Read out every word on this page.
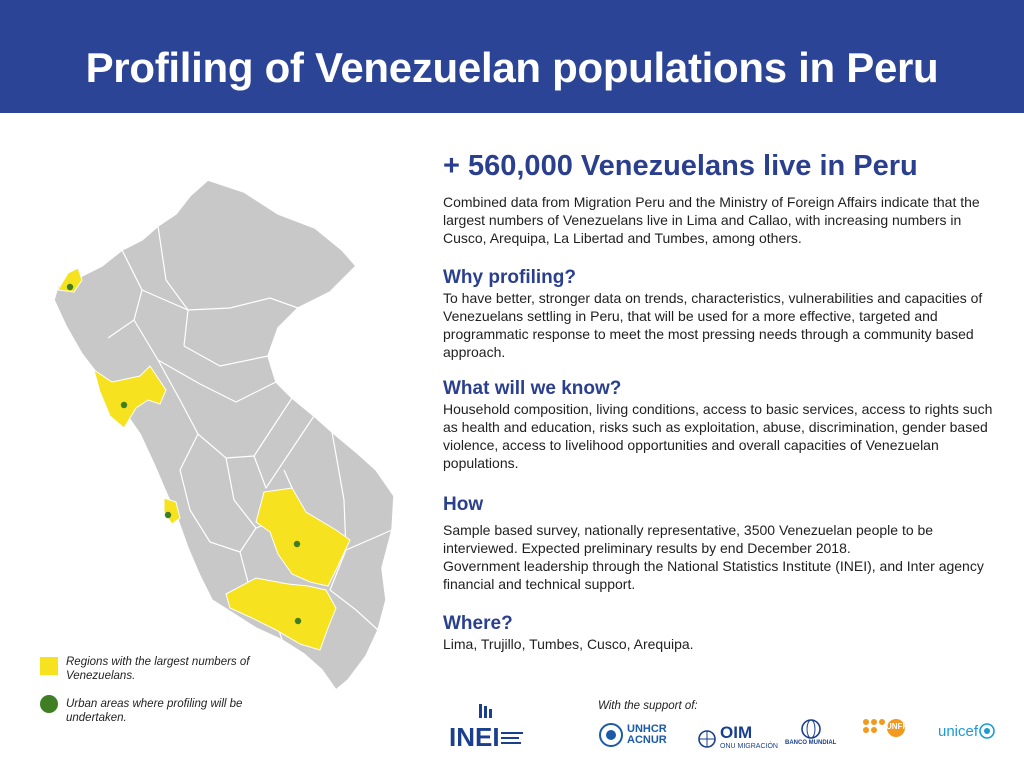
Profiling of Venezuelan populations in Peru
Regions with the largest numbers of Venezuelans.
Urban areas where profiling will be undertaken.
+ 560,000 Venezuelans live in Peru

Combined data from Migration Peru and the Ministry of Foreign Affairs indicate that the largest numbers of Venezuelans live in Lima and Callao, with increasing numbers in Cusco, Arequipa, La Libertad and Tumbes, among others.

Why profiling?

To have better, stronger data on trends, characteristics, vulnerabilities and capacities of Venezuelans settling in Peru, that will be used for a more effective, targeted and programmatic response to meet the most pressing needs through a community based approach.

What will we know?

Household composition, living conditions, access to basic services, access to rights such as health and education, risks such as exploitation, abuse, discrimination, gender based violence, access to livelihood opportunities and overall capacities of Venezuelan populations.

How

Sample based survey, nationally representative, 3500 Venezuelan people to be interviewed. Expected preliminary results by end December 2018.

Government leadership through the National Statistics Institute (INEI), and Inter agency financial and technical support.

Where?

Lima, Trujillo, Tumbes, Cusco, Arequipa.

With the support of:
INEI	UNHCR
ACNUR	OIM
ONU MIGRACIÓN BANCO MUNDIAL
UNFPA unicef
